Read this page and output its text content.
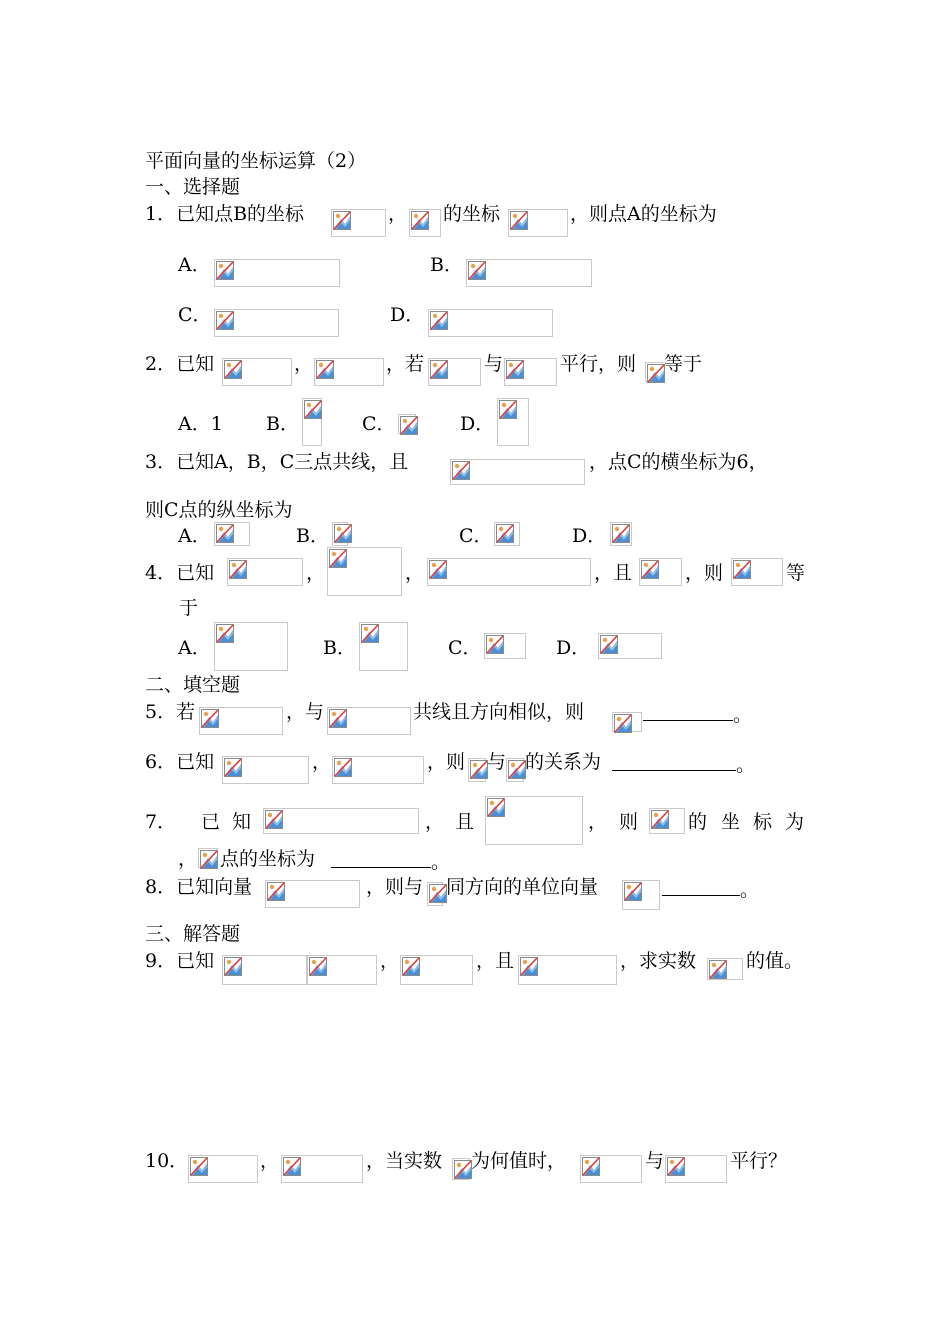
平面向量的坐标运算（2）
一、选择题
1．已知点B的坐标	， 的坐标	，则点A的坐标为
A．	B．
C．	D．
2．已知	，	，若	与	平行，则 等于
A．1 B．	C．	D．
3．已知A，B，C三点共线，且	，点C的横坐标为6，
则C点的纵坐标为
A．	B．	C．	D．
4．已知	，	，	，且	，则	等
于
A．	B．	C．	D．
二、填空题
5．若	，与	共线且方向相似，则	。
6．已知	，	，则 与 的关系为	。
7． 已 知	， 且	， 则	的 坐 标 为
， 点的坐标为	。
8．已知向量	，则与 同方向的单位向量	。
三、解答题
9．已知	，	，且	，求实数	的值。
10．	，	，当实数 为何值时，	与	平行？
